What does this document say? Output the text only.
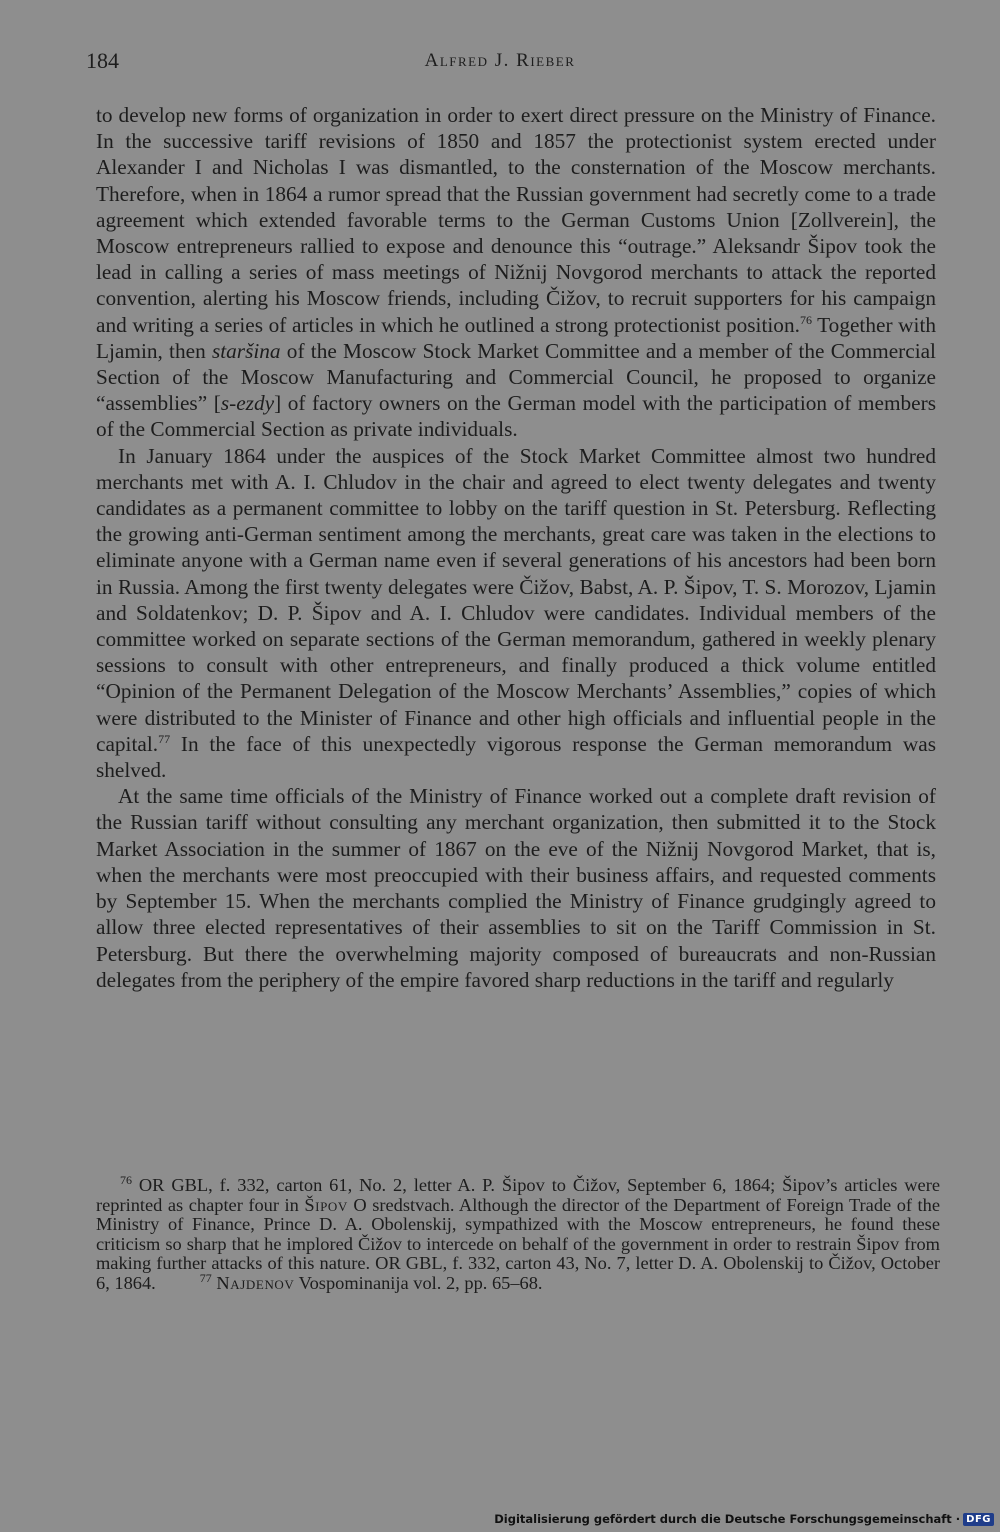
184	Alfred J. Rieber

to develop new forms of organization in order to exert direct pressure on the Ministry of Finance. In the successive tariff revisions of 1850 and 1857 the protectionist system erected under Alexander I and Nicholas I was dismantled, to the consternation of the Moscow merchants. Therefore, when in 1864 a rumor spread that the Russian government had secretly come to a trade agreement which extended favorable terms to the German Customs Union [Zollverein], the Moscow entrepreneurs rallied to expose and denounce this “outrage.” Aleksandr Šipov took the lead in calling a series of mass meetings of Nižnij Novgorod merchants to attack the reported convention, alerting his Moscow friends, including Čižov, to recruit supporters for his campaign and writing a series of articles in which he outlined a strong protectionist position.$^{76}$ Together with Ljamin, then staršina of the Moscow Stock Market Committee and a member of the Commercial Section of the Moscow Manufacturing and Commercial Council, he proposed to organize “assemblies” [s-ezdy] of factory owners on the German model with the participation of members of the Commercial Section as private individuals.

In January 1864 under the auspices of the Stock Market Committee almost two hundred merchants met with A. I. Chludov in the chair and agreed to elect twenty delegates and twenty candidates as a permanent committee to lobby on the tariff question in St. Petersburg. Reflecting the growing anti-German sentiment among the merchants, great care was taken in the elections to eliminate anyone with a German name even if several generations of his ancestors had been born in Russia. Among the first twenty delegates were Čižov, Babst, A. P. Šipov, T. S. Morozov, Ljamin and Soldatenkov; D. P. Šipov and A. I. Chludov were candidates. Individual members of the committee worked on separate sections of the German memorandum, gathered in weekly plenary sessions to consult with other entrepreneurs, and finally produced a thick volume entitled “Opinion of the Permanent Delegation of the Moscow Merchants’ Assemblies,” copies of which were distributed to the Minister of Finance and other high officials and influential people in the capital.$^{77}$ In the face of this unexpectedly vigorous response the German memorandum was shelved.

At the same time officials of the Ministry of Finance worked out a complete draft revision of the Russian tariff without consulting any merchant organization, then submitted it to the Stock Market Association in the summer of 1867 on the eve of the Nižnij Novgorod Market, that is, when the merchants were most preoccupied with their business affairs, and requested comments by September 15. When the merchants complied the Ministry of Finance grudgingly agreed to allow three elected representatives of their assemblies to sit on the Tariff Commission in St. Petersburg. But there the overwhelming majority composed of bureaucrats and non-Russian delegates from the periphery of the empire favored sharp reductions in the tariff and regularly

$^{76}$ OR GBL, f. 332, carton 61, No. 2, letter A. P. Šipov to Čižov, September 6, 1864; Šipov’s articles were reprinted as chapter four in Šipov O sredstvach. Although the director of the Department of Foreign Trade of the Ministry of Finance, Prince D. A. Obolenskij, sympathized with the Moscow entrepreneurs, he found these criticism so sharp that he implored Čižov to intercede on behalf of the government in order to restrain Šipov from making further attacks of this nature. OR GBL, f. 332, carton 43, No. 7, letter D. A. Obolenskij to Čižov, October 6, 1864.	$^{77}$ Najdenov Vospominanija vol. 2, pp. 65–68.

Digitalisierung gefördert durch die Deutsche Forschungsgemeinschaft · DFG
